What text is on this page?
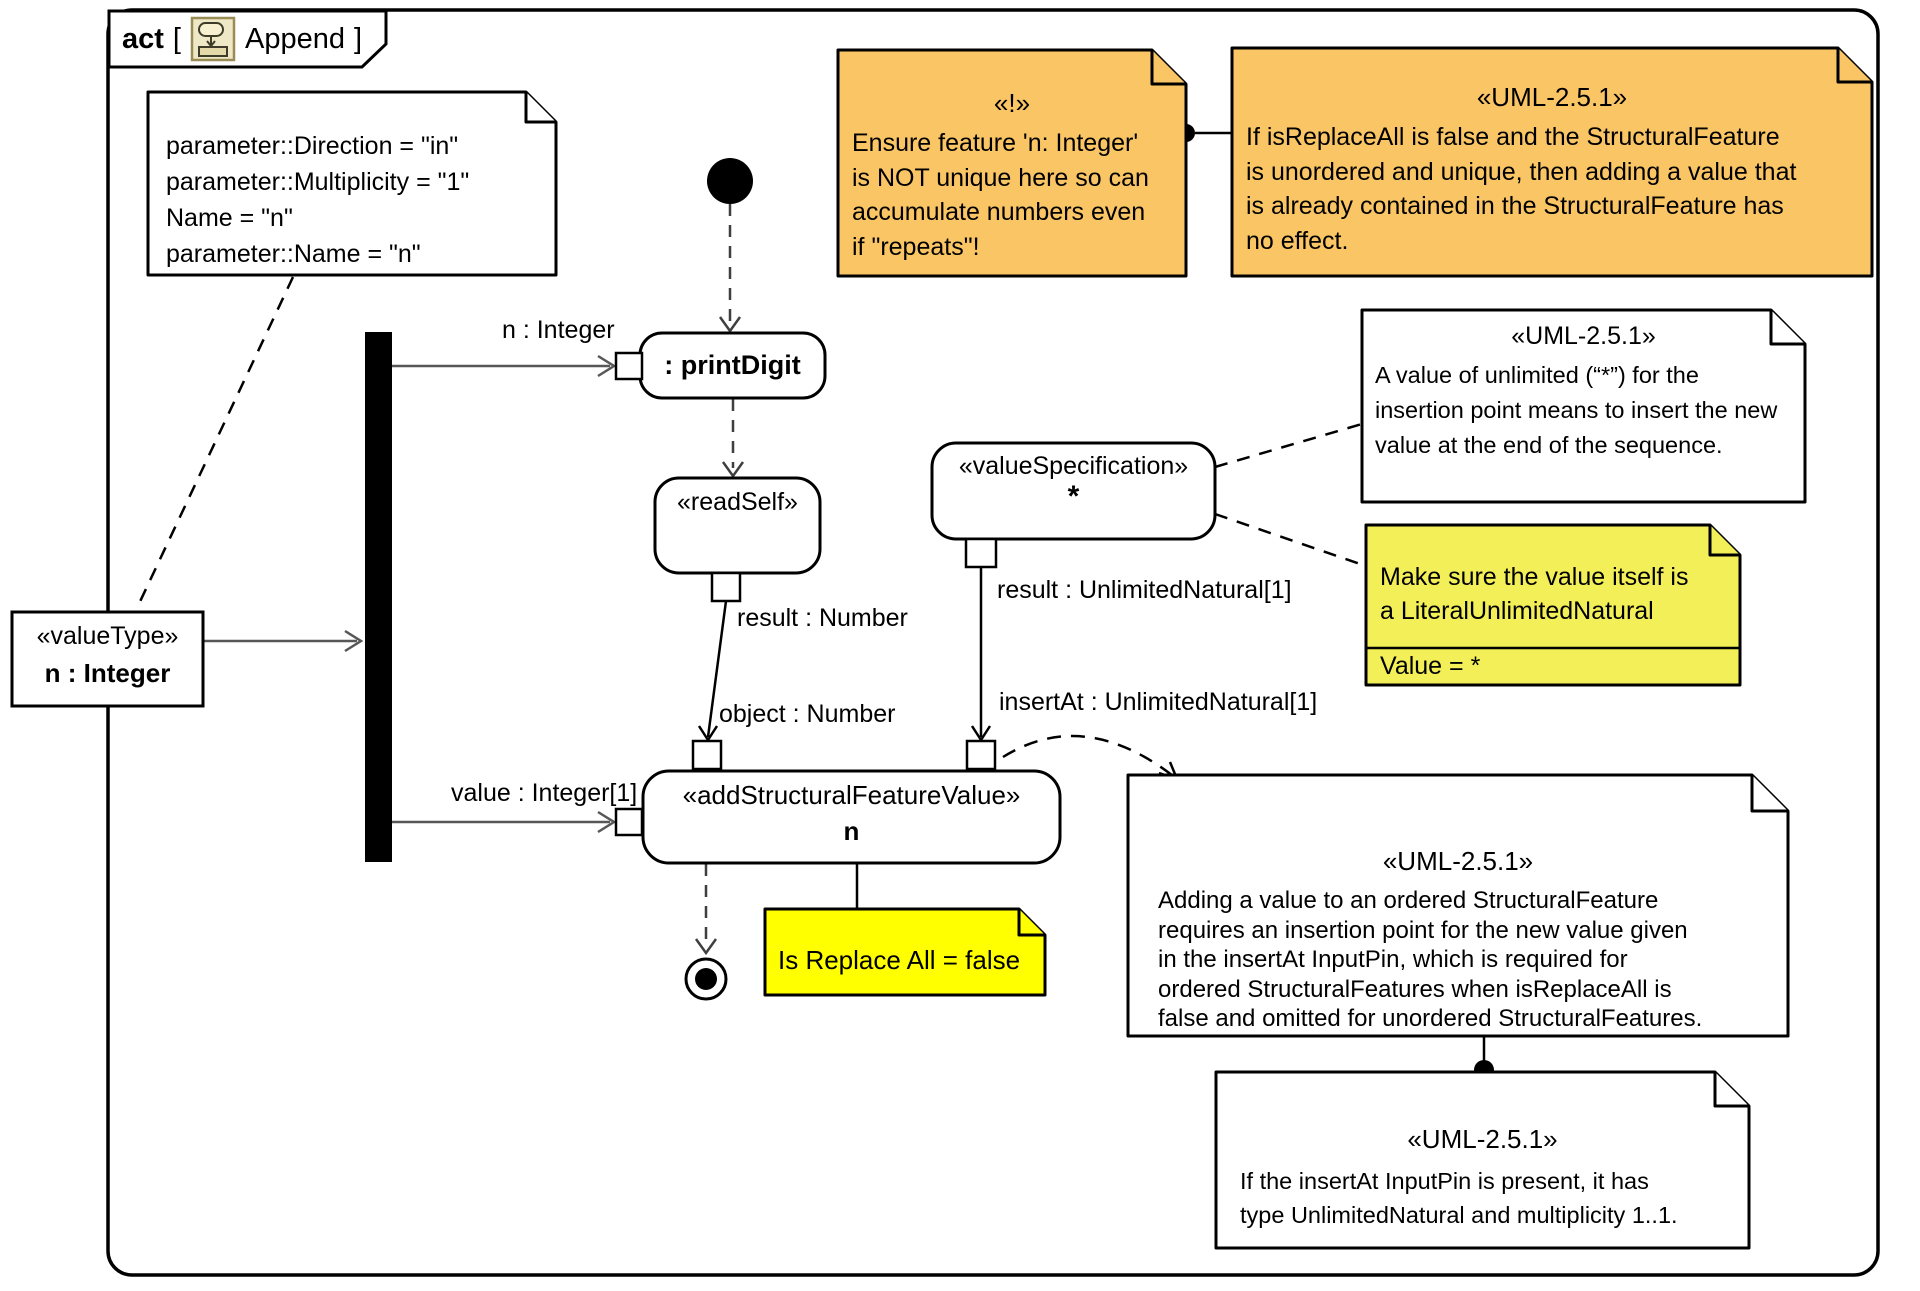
act [ Append ]
parameter::Direction = "in"
parameter::Multiplicity = "1"
Name = "n"
parameter::Name = "n"
«!»
Ensure feature 'n: Integer'
is NOT unique here so can
accumulate numbers even
if "repeats"!
«UML-2.5.1»
If isReplaceAll is false and the StructuralFeature
is unordered and unique, then adding a value that
is already contained in the StructuralFeature has
no effect.
«UML-2.5.1»
A value of unlimited (“*”) for the
insertion point means to insert the new
value at the end of the sequence.
Make sure the value itself is
a LiteralUnlimitedNatural
Value = *
Is Replace All = false
«UML-2.5.1»
Adding a value to an ordered StructuralFeature
requires an insertion point for the new value given
in the insertAt InputPin, which is required for
ordered StructuralFeatures when isReplaceAll is
false and omitted for unordered StructuralFeatures.
«UML-2.5.1»
If the insertAt InputPin is present, it has
type UnlimitedNatural and multiplicity 1..1.
: printDigit
«readSelf»
«valueSpecification»
*
«addStructuralFeatureValue»
n
«valueType»
n : Integer
n : Integer
value : Integer[1]
result : Number
object : Number
result : UnlimitedNatural[1]
insertAt : UnlimitedNatural[1]
